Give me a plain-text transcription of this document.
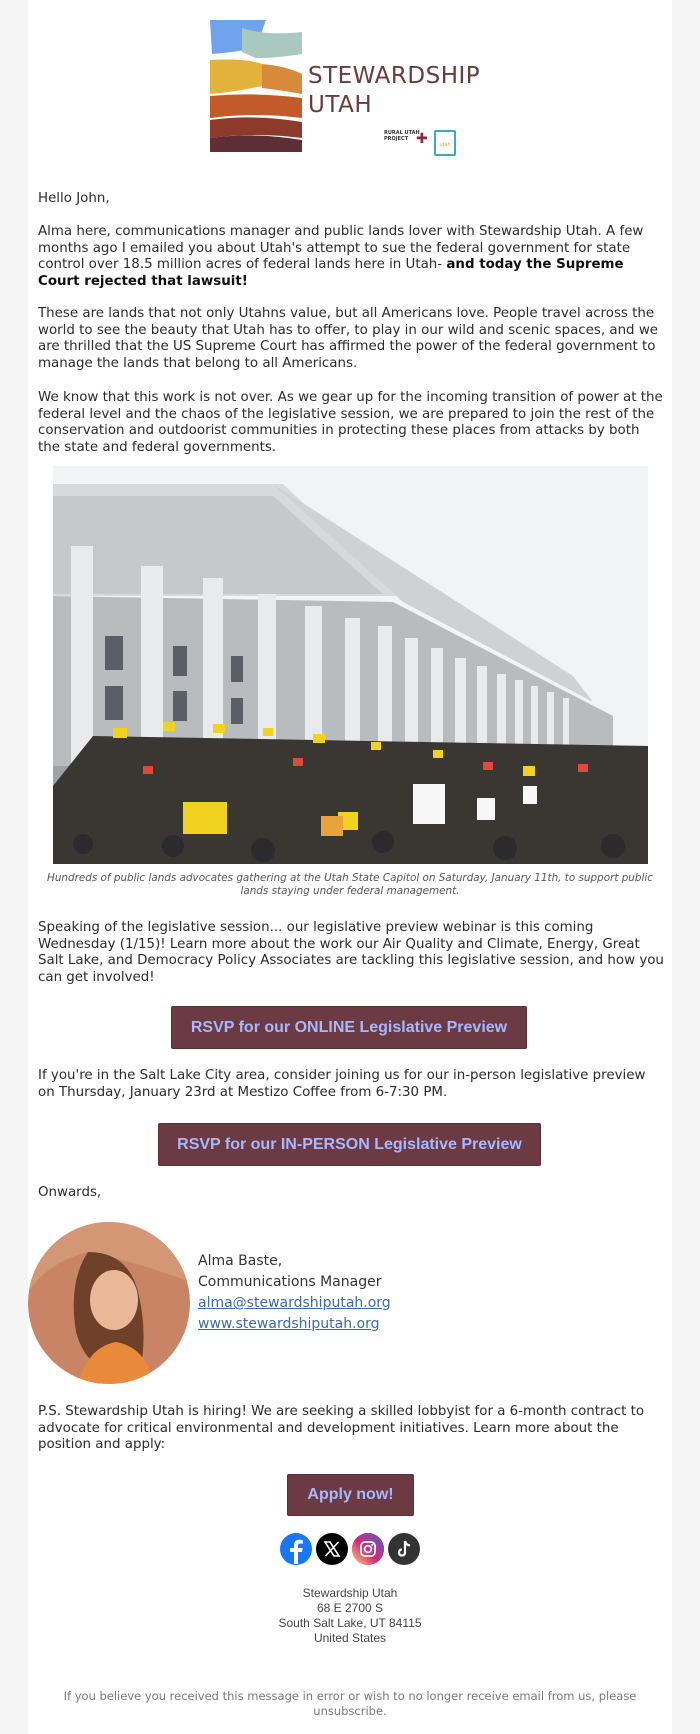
STEWARDSHIP
UTAH
RURAL UTAH
PROJECT ✚	utah
Hello John,
Alma here, communications manager and public lands lover with Stewardship Utah. A few months ago I emailed you about Utah's attempt to sue the federal government for state control over 18.5 million acres of federal lands here in Utah- and today the Supreme Court rejected that lawsuit!
These are lands that not only Utahns value, but all Americans love. People travel across the world to see the beauty that Utah has to offer, to play in our wild and scenic spaces, and we are thrilled that the US Supreme Court has affirmed the power of the federal government to manage the lands that belong to all Americans.
We know that this work is not over. As we gear up for the incoming transition of power at the federal level and the chaos of the legislative session, we are prepared to join the rest of the conservation and outdoorist communities in protecting these places from attacks by both the state and federal governments.
Hundreds of public lands advocates gathering at the Utah State Capitol on Saturday, January 11th, to support public lands staying under federal management.
Speaking of the legislative session... our legislative preview webinar is this coming Wednesday (1/15)! Learn more about the work our Air Quality and Climate, Energy, Great Salt Lake, and Democracy Policy Associates are tackling this legislative session, and how you can get involved!
RSVP for our ONLINE Legislative Preview
If you're in the Salt Lake City area, consider joining us for our in-person legislative preview on Thursday, January 23rd at Mestizo Coffee from 6-7:30 PM.
RSVP for our IN-PERSON Legislative Preview
Onwards,
Alma Baste,
Communications Manager
alma@stewardshiputah.org
www.stewardshiputah.org
P.S. Stewardship Utah is hiring! We are seeking a skilled lobbyist for a 6-month contract to advocate for critical environmental and development initiatives. Learn more about the position and apply:
Apply now!
Stewardship Utah
68 E 2700 S
South Salt Lake, UT 84115
United States
If you believe you received this message in error or wish to no longer receive email from us, please unsubscribe.
